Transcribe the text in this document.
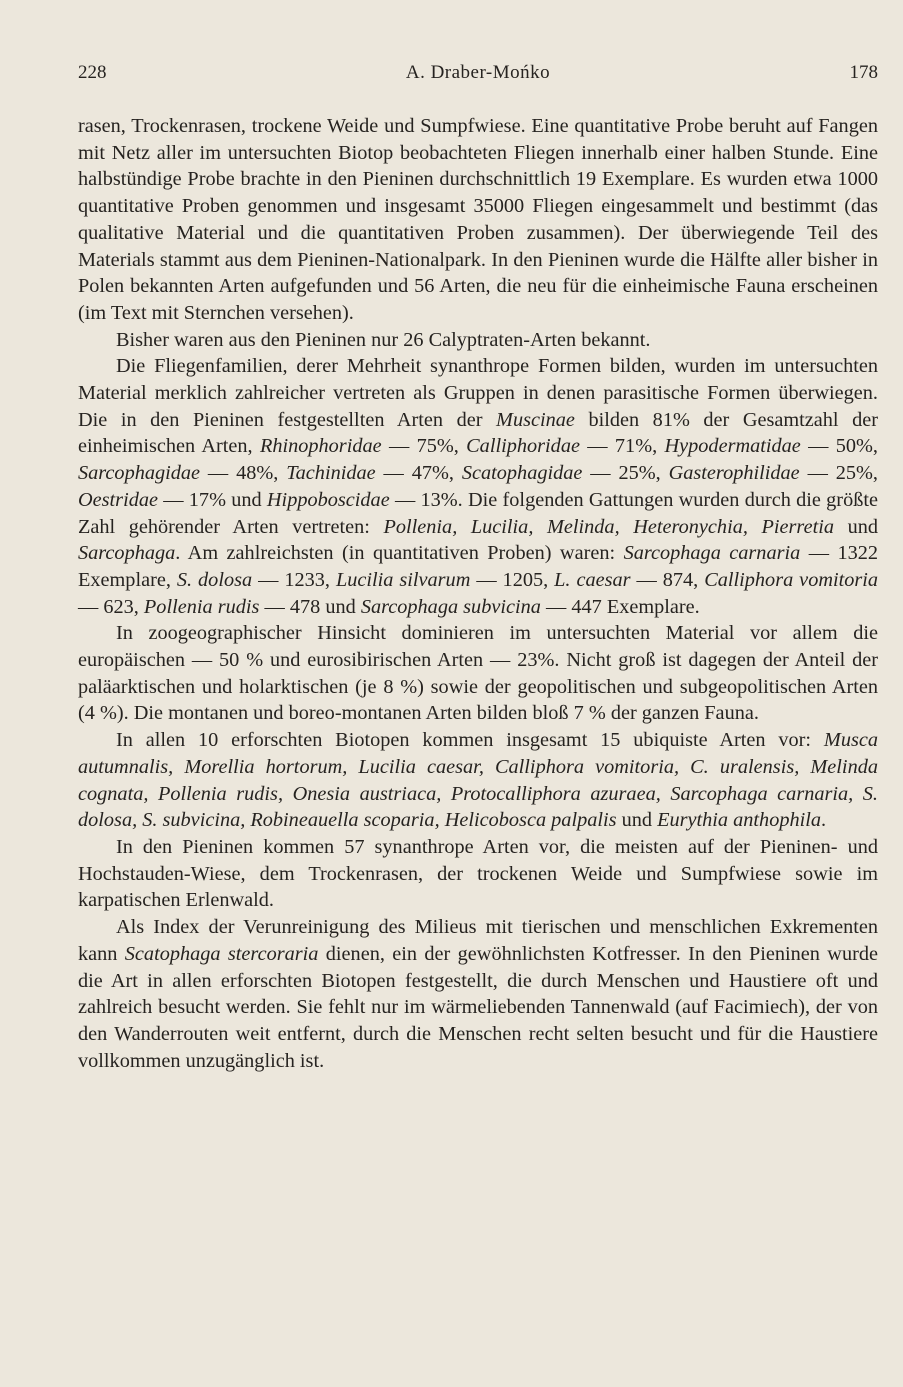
228	A. Draber-Mońko	178

rasen, Trockenrasen, trockene Weide und Sumpfwiese. Eine quantitative Probe beruht auf Fangen mit Netz aller im untersuchten Biotop beobachteten Fliegen innerhalb einer halben Stunde. Eine halbstündige Probe brachte in den Pieninen durchschnittlich 19 Exemplare. Es wurden etwa 1000 quantitative Proben genommen und insgesamt 35000 Fliegen eingesammelt und bestimmt (das qualitative Material und die quantitativen Proben zusammen). Der überwiegende Teil des Materials stammt aus dem Pieninen-Nationalpark. In den Pieninen wurde die Hälfte aller bisher in Polen bekannten Arten aufgefunden und 56 Arten, die neu für die einheimische Fauna erscheinen (im Text mit Sternchen versehen).

Bisher waren aus den Pieninen nur 26 Calyptraten-Arten bekannt.

Die Fliegenfamilien, derer Mehrheit synanthrope Formen bilden, wurden im untersuchten Material merklich zahlreicher vertreten als Gruppen in denen parasitische Formen überwiegen. Die in den Pieninen festgestellten Arten der Muscinae bilden 81% der Gesamtzahl der einheimischen Arten, Rhinophoridae — 75%, Calliphoridae — 71%, Hypodermatidae — 50%, Sarcophagidae — 48%, Tachinidae — 47%, Scatophagidae — 25%, Gasterophilidae — 25%, Oestridae — 17% und Hippoboscidae — 13%. Die folgenden Gattungen wurden durch die größte Zahl gehörender Arten vertreten: Pollenia, Lucilia, Melinda, Heteronychia, Pierretia und Sarcophaga. Am zahlreichsten (in quantitativen Proben) waren: Sarcophaga carnaria — 1322 Exemplare, S. dolosa — 1233, Lucilia silvarum — 1205, L. caesar — 874, Calliphora vomitoria — 623, Pollenia rudis — 478 und Sarcophaga subvicina — 447 Exemplare.

In zoogeographischer Hinsicht dominieren im untersuchten Material vor allem die europäischen — 50 % und eurosibirischen Arten — 23%. Nicht groß ist dagegen der Anteil der paläarktischen und holarktischen (je 8 %) sowie der geopolitischen und subgeopolitischen Arten (4 %). Die montanen und boreo-montanen Arten bilden bloß 7 % der ganzen Fauna.

In allen 10 erforschten Biotopen kommen insgesamt 15 ubiquiste Arten vor: Musca autumnalis, Morellia hortorum, Lucilia caesar, Calliphora vomitoria, C. uralensis, Melinda cognata, Pollenia rudis, Onesia austriaca, Protocalliphora azuraea, Sarcophaga carnaria, S. dolosa, S. subvicina, Robineauella scoparia, Helicobosca palpalis und Eurythia anthophila.

In den Pieninen kommen 57 synanthrope Arten vor, die meisten auf der Pieninen- und Hochstauden-Wiese, dem Trockenrasen, der trockenen Weide und Sumpfwiese sowie im karpatischen Erlenwald.

Als Index der Verunreinigung des Milieus mit tierischen und menschlichen Exkrementen kann Scatophaga stercoraria dienen, ein der gewöhnlichsten Kotfresser. In den Pieninen wurde die Art in allen erforschten Biotopen festgestellt, die durch Menschen und Haustiere oft und zahlreich besucht werden. Sie fehlt nur im wärmeliebenden Tannenwald (auf Facimiech), der von den Wanderrouten weit entfernt, durch die Menschen recht selten besucht und für die Haustiere vollkommen unzugänglich ist.
